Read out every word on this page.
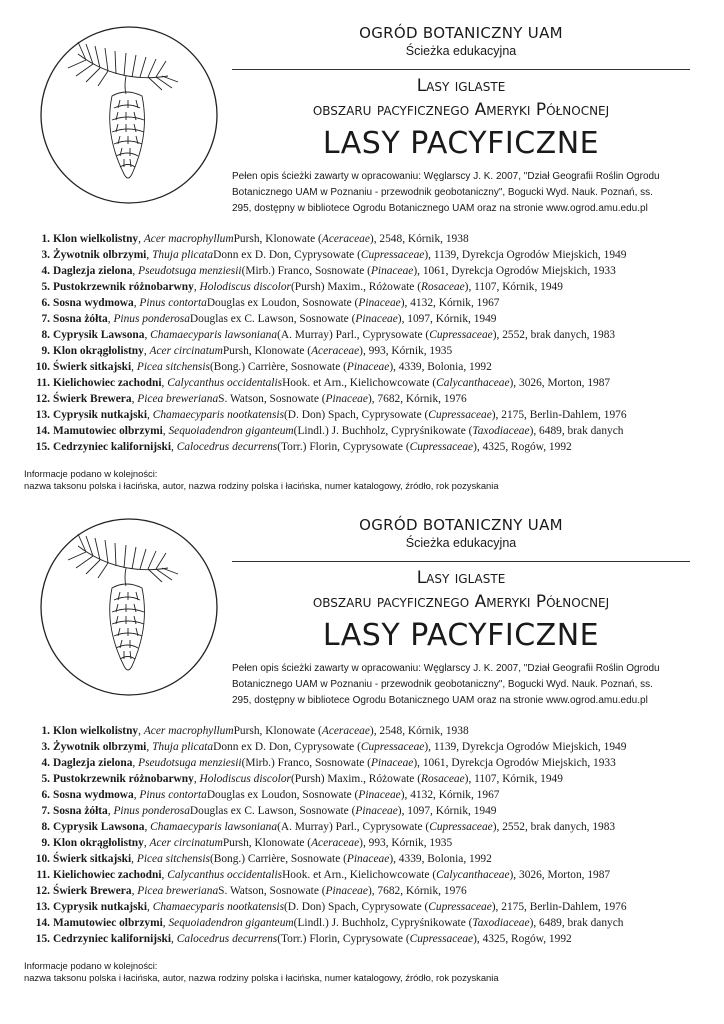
OGRÓD BOTANICZNY UAM
Ścieżka edukacyjna
Lasy iglaste
obszaru pacyficznego Ameryki Północnej
LASY PACYFICZNE
Pełen opis ścieżki zawarty w opracowaniu: Węglarscy J. K. 2007, "Dział Geografii Roślin Ogrodu
Botanicznego UAM w Poznaniu - przewodnik geobotaniczny", Bogucki Wyd. Nauk. Poznań, ss.
295, dostępny w bibliotece Ogrodu Botanicznego UAM oraz na stronie www.ogrod.amu.edu.pl
1. Klon wielkolistny , Acer macrophyllum Pursh, Klonowate ( Aceraceae ), 2548, Kórnik, 1938
3. Żywotnik olbrzymi , Thuja plicata Donn ex D. Don, Cyprysowate ( Cupressaceae ), 1139, Dyrekcja Ogrodów Miejskich, 1949
4. Daglezja zielona , Pseudotsuga menziesii (Mirb.) Franco, Sosnowate ( Pinaceae ), 1061, Dyrekcja Ogrodów Miejskich, 1933
5. Pustokrzewnik różnobarwny , Holodiscus discolor (Pursh) Maxim., Różowate ( Rosaceae ), 1107, Kórnik, 1949
6. Sosna wydmowa , Pinus contorta Douglas ex Loudon, Sosnowate ( Pinaceae ), 4132, Kórnik, 1967
7. Sosna żółta , Pinus ponderosa Douglas ex C. Lawson, Sosnowate ( Pinaceae ), 1097, Kórnik, 1949
8. Cyprysik Lawsona , Chamaecyparis lawsoniana (A. Murray) Parl., Cyprysowate ( Cupressaceae ), 2552, brak danych, 1983
9. Klon okrągłolistny , Acer circinatum Pursh, Klonowate ( Aceraceae ), 993, Kórnik, 1935
10. Świerk sitkajski , Picea sitchensis (Bong.) Carrière, Sosnowate ( Pinaceae ), 4339, Bolonia, 1992
11. Kielichowiec zachodni , Calycanthus occidentalis Hook. et Arn., Kielichowcowate ( Calycanthaceae ), 3026, Morton, 1987
12. Świerk Brewera , Picea breweriana S. Watson, Sosnowate ( Pinaceae ), 7682, Kórnik, 1976
13. Cyprysik nutkajski , Chamaecyparis nootkatensis (D. Don) Spach, Cyprysowate ( Cupressaceae ), 2175, Berlin-Dahlem, 1976
14. Mamutowiec olbrzymi , Sequoiadendron giganteum (Lindl.) J. Buchholz, Cypryśnikowate ( Taxodiaceae ), 6489, brak danych
15. Cedrzyniec kalifornijski , Calocedrus decurrens (Torr.) Florin, Cyprysowate ( Cupressaceae ), 4325, Rogów, 1992
Informacje podano w kolejności:
nazwa taksonu polska i łacińska, autor, nazwa rodziny polska i łacińska, numer katalogowy, źródło, rok pozyskania
OGRÓD BOTANICZNY UAM
Ścieżka edukacyjna
Lasy iglaste
obszaru pacyficznego Ameryki Północnej
LASY PACYFICZNE
Pełen opis ścieżki zawarty w opracowaniu: Węglarscy J. K. 2007, "Dział Geografii Roślin Ogrodu
Botanicznego UAM w Poznaniu - przewodnik geobotaniczny", Bogucki Wyd. Nauk. Poznań, ss.
295, dostępny w bibliotece Ogrodu Botanicznego UAM oraz na stronie www.ogrod.amu.edu.pl
1. Klon wielkolistny , Acer macrophyllum Pursh, Klonowate ( Aceraceae ), 2548, Kórnik, 1938
3. Żywotnik olbrzymi , Thuja plicata Donn ex D. Don, Cyprysowate ( Cupressaceae ), 1139, Dyrekcja Ogrodów Miejskich, 1949
4. Daglezja zielona , Pseudotsuga menziesii (Mirb.) Franco, Sosnowate ( Pinaceae ), 1061, Dyrekcja Ogrodów Miejskich, 1933
5. Pustokrzewnik różnobarwny , Holodiscus discolor (Pursh) Maxim., Różowate ( Rosaceae ), 1107, Kórnik, 1949
6. Sosna wydmowa , Pinus contorta Douglas ex Loudon, Sosnowate ( Pinaceae ), 4132, Kórnik, 1967
7. Sosna żółta , Pinus ponderosa Douglas ex C. Lawson, Sosnowate ( Pinaceae ), 1097, Kórnik, 1949
8. Cyprysik Lawsona , Chamaecyparis lawsoniana (A. Murray) Parl., Cyprysowate ( Cupressaceae ), 2552, brak danych, 1983
9. Klon okrągłolistny , Acer circinatum Pursh, Klonowate ( Aceraceae ), 993, Kórnik, 1935
10. Świerk sitkajski , Picea sitchensis (Bong.) Carrière, Sosnowate ( Pinaceae ), 4339, Bolonia, 1992
11. Kielichowiec zachodni , Calycanthus occidentalis Hook. et Arn., Kielichowcowate ( Calycanthaceae ), 3026, Morton, 1987
12. Świerk Brewera , Picea breweriana S. Watson, Sosnowate ( Pinaceae ), 7682, Kórnik, 1976
13. Cyprysik nutkajski , Chamaecyparis nootkatensis (D. Don) Spach, Cyprysowate ( Cupressaceae ), 2175, Berlin-Dahlem, 1976
14. Mamutowiec olbrzymi , Sequoiadendron giganteum (Lindl.) J. Buchholz, Cypryśnikowate ( Taxodiaceae ), 6489, brak danych
15. Cedrzyniec kalifornijski , Calocedrus decurrens (Torr.) Florin, Cyprysowate ( Cupressaceae ), 4325, Rogów, 1992
Informacje podano w kolejności:
nazwa taksonu polska i łacińska, autor, nazwa rodziny polska i łacińska, numer katalogowy, źródło, rok pozyskania
